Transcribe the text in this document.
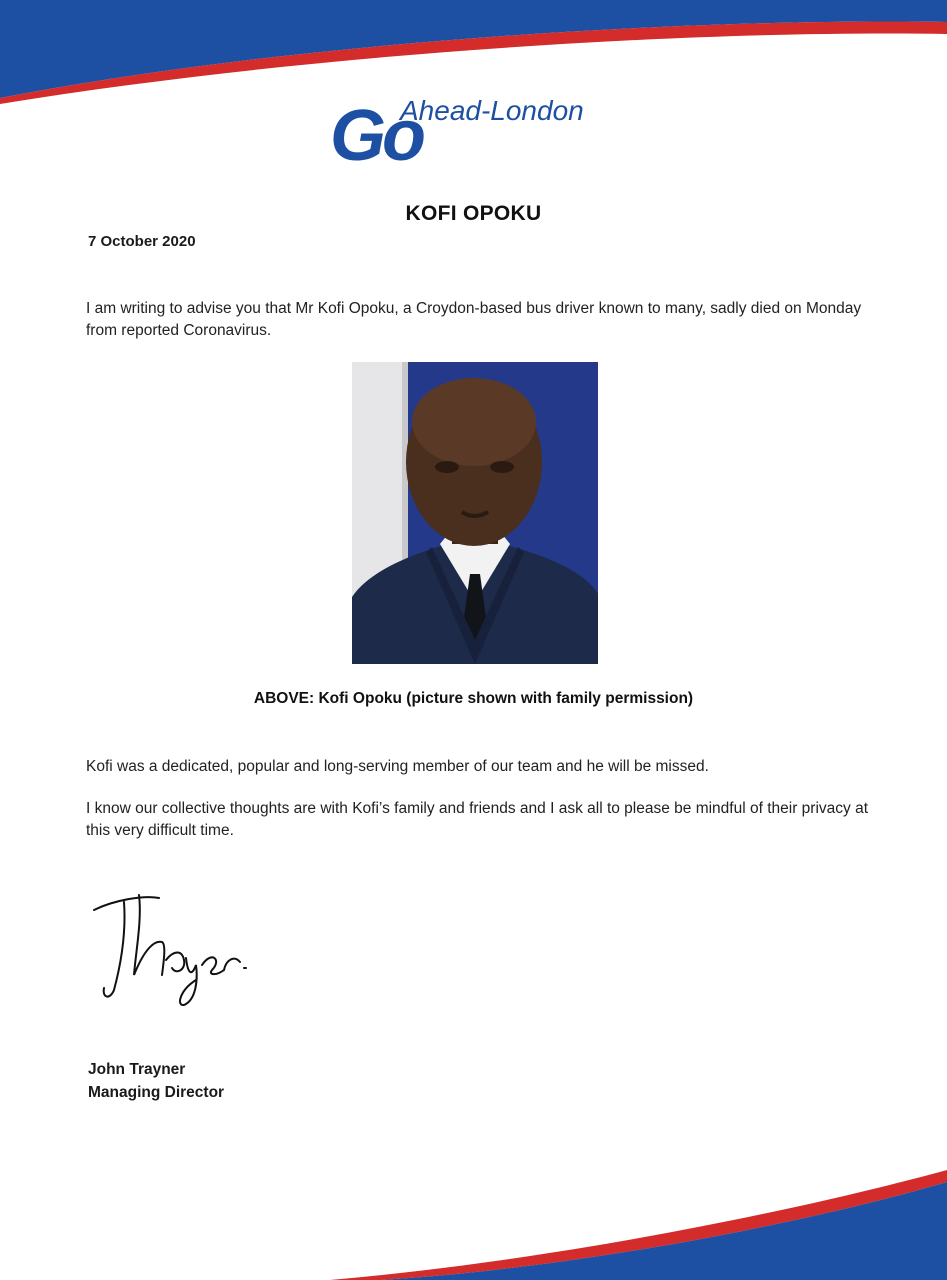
Go
Ahead-London
KOFI OPOKU
7 October 2020
I am writing to advise you that Mr Kofi Opoku, a Croydon-based bus driver known to many, sadly died on Monday from reported Coronavirus.
ABOVE: Kofi Opoku (picture shown with family permission)
Kofi was a dedicated, popular and long-serving member of our team and he will be missed.
I know our collective thoughts are with Kofi’s family and friends and I ask all to please be mindful of their privacy at this very difficult time.
John Trayner
Managing Director
